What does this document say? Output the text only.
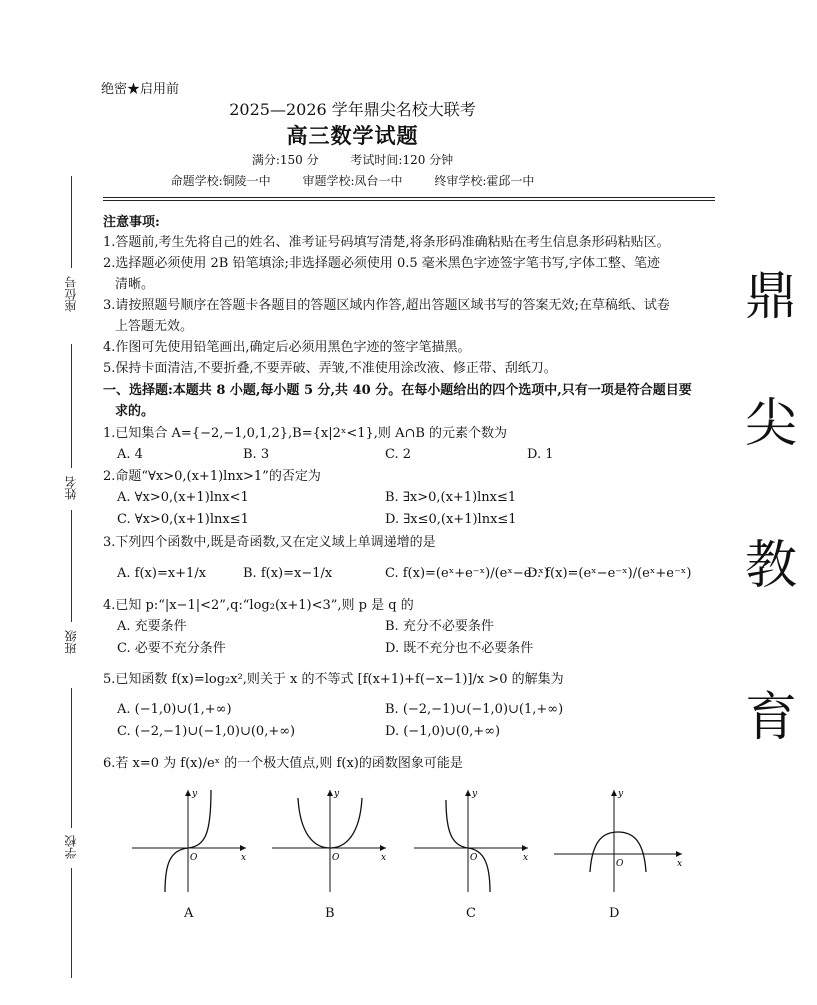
绝密★启用前
2025—2026 学年鼎尖名校大联考
高三数学试题
满分:150 分	考试时间:120 分钟
命题学校:铜陵一中	审题学校:凤台一中	终审学校:霍邱一中
座位号
姓名
班级
学校
鼎
尖
教
育
注意事项:
1.答题前,考生先将自己的姓名、准考证号码填写清楚,将条形码准确粘贴在考生信息条形码粘贴区。
2.选择题必须使用 2B 铅笔填涂;非选择题必须使用 0.5 毫米黑色字迹签字笔书写,字体工整、笔迹
清晰。
3.请按照题号顺序在答题卡各题目的答题区域内作答,超出答题区域书写的答案无效;在草稿纸、试卷
上答题无效。
4.作图可先使用铅笔画出,确定后必须用黑色字迹的签字笔描黑。
5.保持卡面清洁,不要折叠,不要弄破、弄皱,不准使用涂改液、修正带、刮纸刀。
一、选择题:本题共 8 小题,每小题 5 分,共 40 分。在每小题给出的四个选项中,只有一项是符合题目要
求的。
1.已知集合 A={−2,−1,0,1,2},B={x|2ˣ<1},则 A∩B 的元素个数为
A. 4	B. 3	C. 2	D. 1
2.命题“∀x>0,(x+1)lnx>1”的否定为
A. ∀x>0,(x+1)lnx<1	B. ∃x>0,(x+1)lnx≤1
C. ∀x>0,(x+1)lnx≤1	D. ∃x≤0,(x+1)lnx≤1
3.下列四个函数中,既是奇函数,又在定义域上单调递增的是
A. f(x)=x+1/x	B. f(x)=x−1/x	C. f(x)=(eˣ+e⁻ˣ)/(eˣ−e⁻ˣ)
D. f(x)=(eˣ−e⁻ˣ)/(eˣ+e⁻ˣ)
4.已知 p:“|x−1|<2”,q:“log₂(x+1)<3”,则 p 是 q 的
A. 充要条件	B. 充分不必要条件
C. 必要不充分条件	D. 既不充分也不必要条件
5.已知函数 f(x)=log₂x²,则关于 x 的不等式 [f(x+1)+f(−x−1)]/x >0 的解集为
A. (−1,0)∪(1,+∞)	B. (−2,−1)∪(−1,0)∪(1,+∞)
C. (−2,−1)∪(−1,0)∪(0,+∞)	D. (−1,0)∪(0,+∞)
6.若 x=0 为 f(x)/eˣ 的一个极大值点,则 f(x)的函数图象可能是
x
y
O
A
x
y
O
B
x
y
O
C
x
y
O
D
